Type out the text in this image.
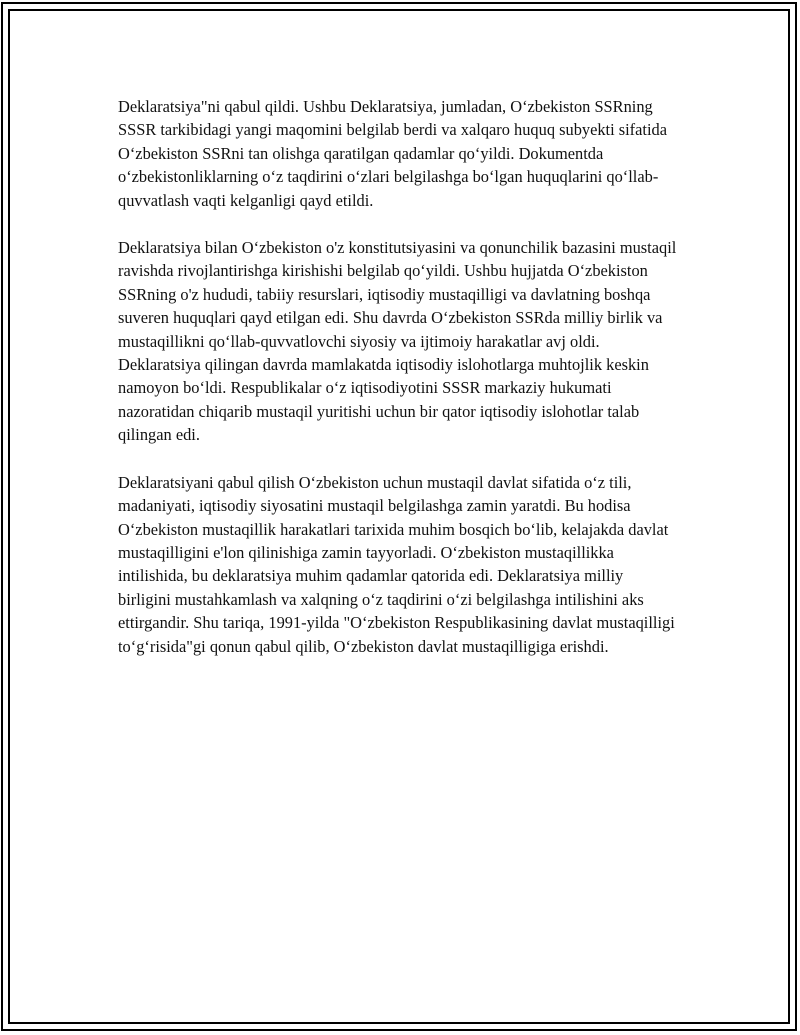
Deklaratsiya"ni qabul qildi. Ushbu Deklaratsiya, jumladan, O‘zbekiston SSRning SSSR tarkibidagi yangi maqomini belgilab berdi va xalqaro huquq subyekti sifatida O‘zbekiston SSRni tan olishga qaratilgan qadamlar qo‘yildi. Dokumentda o‘zbekistonliklarning o‘z taqdirini o‘zlari belgilashga bo‘lgan huquqlarini qo‘llab-quvvatlash vaqti kelganligi qayd etildi.

Deklaratsiya bilan O‘zbekiston o'z konstitutsiyasini va qonunchilik bazasini mustaqil ravishda rivojlantirishga kirishishi belgilab qo‘yildi. Ushbu hujjatda O‘zbekiston SSRning o'z hududi, tabiiy resurslari, iqtisodiy mustaqilligi va davlatning boshqa suveren huquqlari qayd etilgan edi. Shu davrda O‘zbekiston SSRda milliy birlik va mustaqillikni qo‘llab-quvvatlovchi siyosiy va ijtimoiy harakatlar avj oldi. Deklaratsiya qilingan davrda mamlakatda iqtisodiy islohotlarga muhtojlik keskin namoyon bo‘ldi. Respublikalar o‘z iqtisodiyotini SSSR markaziy hukumati nazoratidan chiqarib mustaqil yuritishi uchun bir qator iqtisodiy islohotlar talab qilingan edi.

Deklaratsiyani qabul qilish O‘zbekiston uchun mustaqil davlat sifatida o‘z tili, madaniyati, iqtisodiy siyosatini mustaqil belgilashga zamin yaratdi. Bu hodisa O‘zbekiston mustaqillik harakatlari tarixida muhim bosqich bo‘lib, kelajakda davlat mustaqilligini e'lon qilinishiga zamin tayyorladi. O‘zbekiston mustaqillikka intilishida, bu deklaratsiya muhim qadamlar qatorida edi. Deklaratsiya milliy birligini mustahkamlash va xalqning o‘z taqdirini o‘zi belgilashga intilishini aks ettirgandir. Shu tariqa, 1991-yilda "O‘zbekiston Respublikasining davlat mustaqilligi to‘g‘risida"gi qonun qabul qilib, O‘zbekiston davlat mustaqilligiga erishdi.
